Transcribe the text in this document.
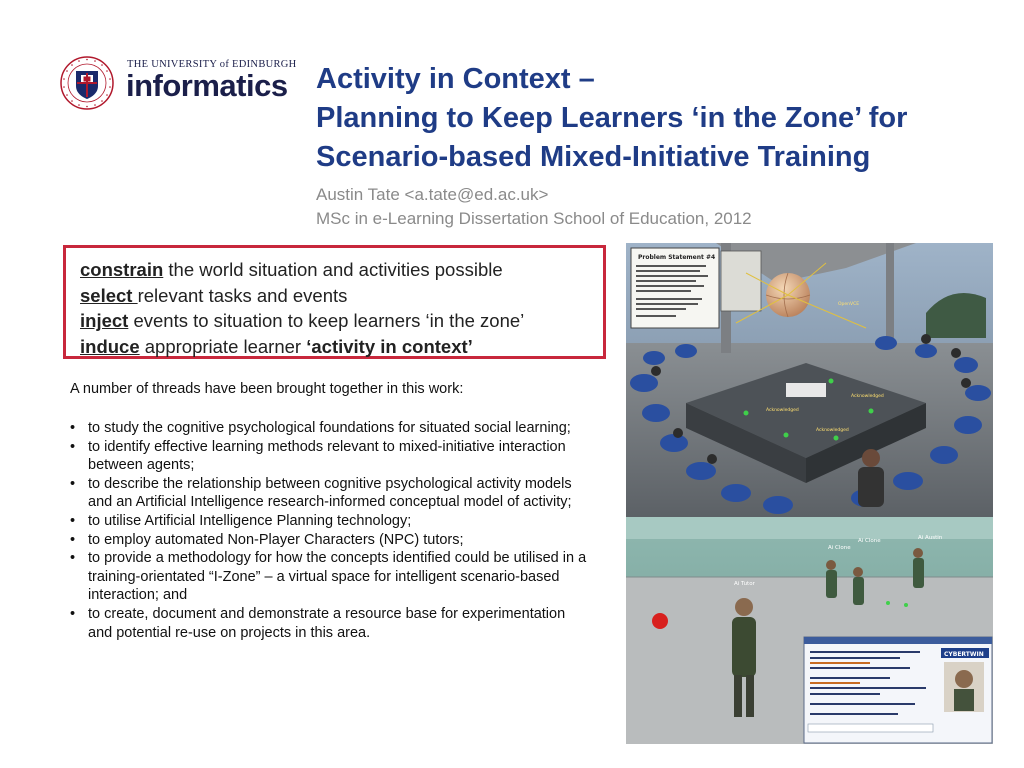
THE UNIVERSITY of EDINBURGH
informatics Activity in Context –
Planning to Keep Learners ‘in the Zone’ for
Scenario-based Mixed-Initiative Training
Austin Tate <a.tate@ed.ac.uk>
MSc in e-Learning Dissertation School of Education, 2012
constrain the world situation and activities possible
select relevant tasks and events
inject events to situation to keep learners ‘in the zone’
induce appropriate learner ‘activity in context’
A number of threads have been brought together in this work:
• to study the cognitive psychological foundations for situated social learning;
• to identify effective learning methods relevant to mixed-initiative interaction between agents;
• to describe the relationship between cognitive psychological activity models and an Artificial Intelligence research-informed conceptual model of activity;
• to utilise Artificial Intelligence Planning technology;
• to employ automated Non-Player Characters (NPC) tutors;
• to provide a methodology for how the concepts identified could be utilised in a training-orientated “I-Zone” – a virtual space for intelligent scenario-based interaction; and
• to create, document and demonstrate a resource base for experimentation and potential re-use on projects in this area.
Problem Statement #4
OpenVCE
Acknowledged
Acknowledged
Acknowledged
Ai Clone
Ai Clone	Ai Austin
Ai Tutor
CYBERTWIN
